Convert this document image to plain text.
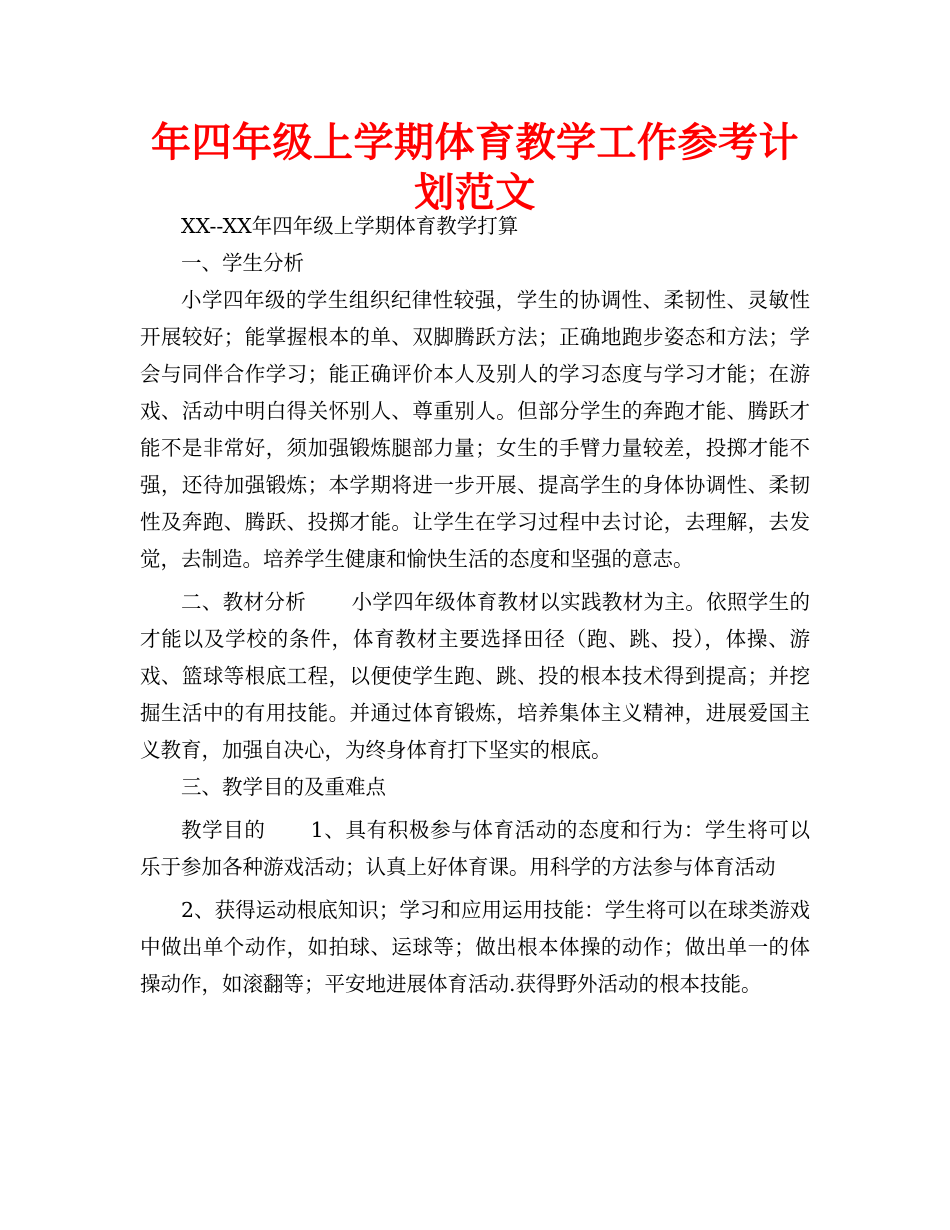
年四年级上学期体育教学工作参考计划范文

XX--XX年四年级上学期体育教学打算

一、学生分析

小学四年级的学生组织纪律性较强，学生的协调性、柔韧性、灵敏性开展较好；能掌握根本的单、双脚腾跃方法；正确地跑步姿态和方法；学会与同伴合作学习；能正确评价本人及别人的学习态度与学习才能；在游戏、活动中明白得关怀别人、尊重别人。但部分学生的奔跑才能、腾跃才能不是非常好，须加强锻炼腿部力量；女生的手臂力量较差，投掷才能不强，还待加强锻炼；本学期将进一步开展、提高学生的身体协调性、柔韧性及奔跑、腾跃、投掷才能。让学生在学习过程中去讨论，去理解，去发觉，去制造。培养学生健康和愉快生活的态度和坚强的意志。

二、教材分析 小学四年级体育教材以实践教材为主。依照学生的才能以及学校的条件，体育教材主要选择田径（跑、跳、投），体操、游戏、篮球等根底工程，以便使学生跑、跳、投的根本技术得到提高；并挖掘生活中的有用技能。并通过体育锻炼，培养集体主义精神，进展爱国主义教育，加强自决心，为终身体育打下坚实的根底。

三、教学目的及重难点

教学目的 1、具有积极参与体育活动的态度和行为：学生将可以乐于参加各种游戏活动；认真上好体育课。用科学的方法参与体育活动

2、获得运动根底知识；学习和应用运用技能：学生将可以在球类游戏中做出单个动作，如拍球、运球等；做出根本体操的动作；做出单一的体操动作，如滚翻等；平安地进展体育活动.获得野外活动的根本技能。
